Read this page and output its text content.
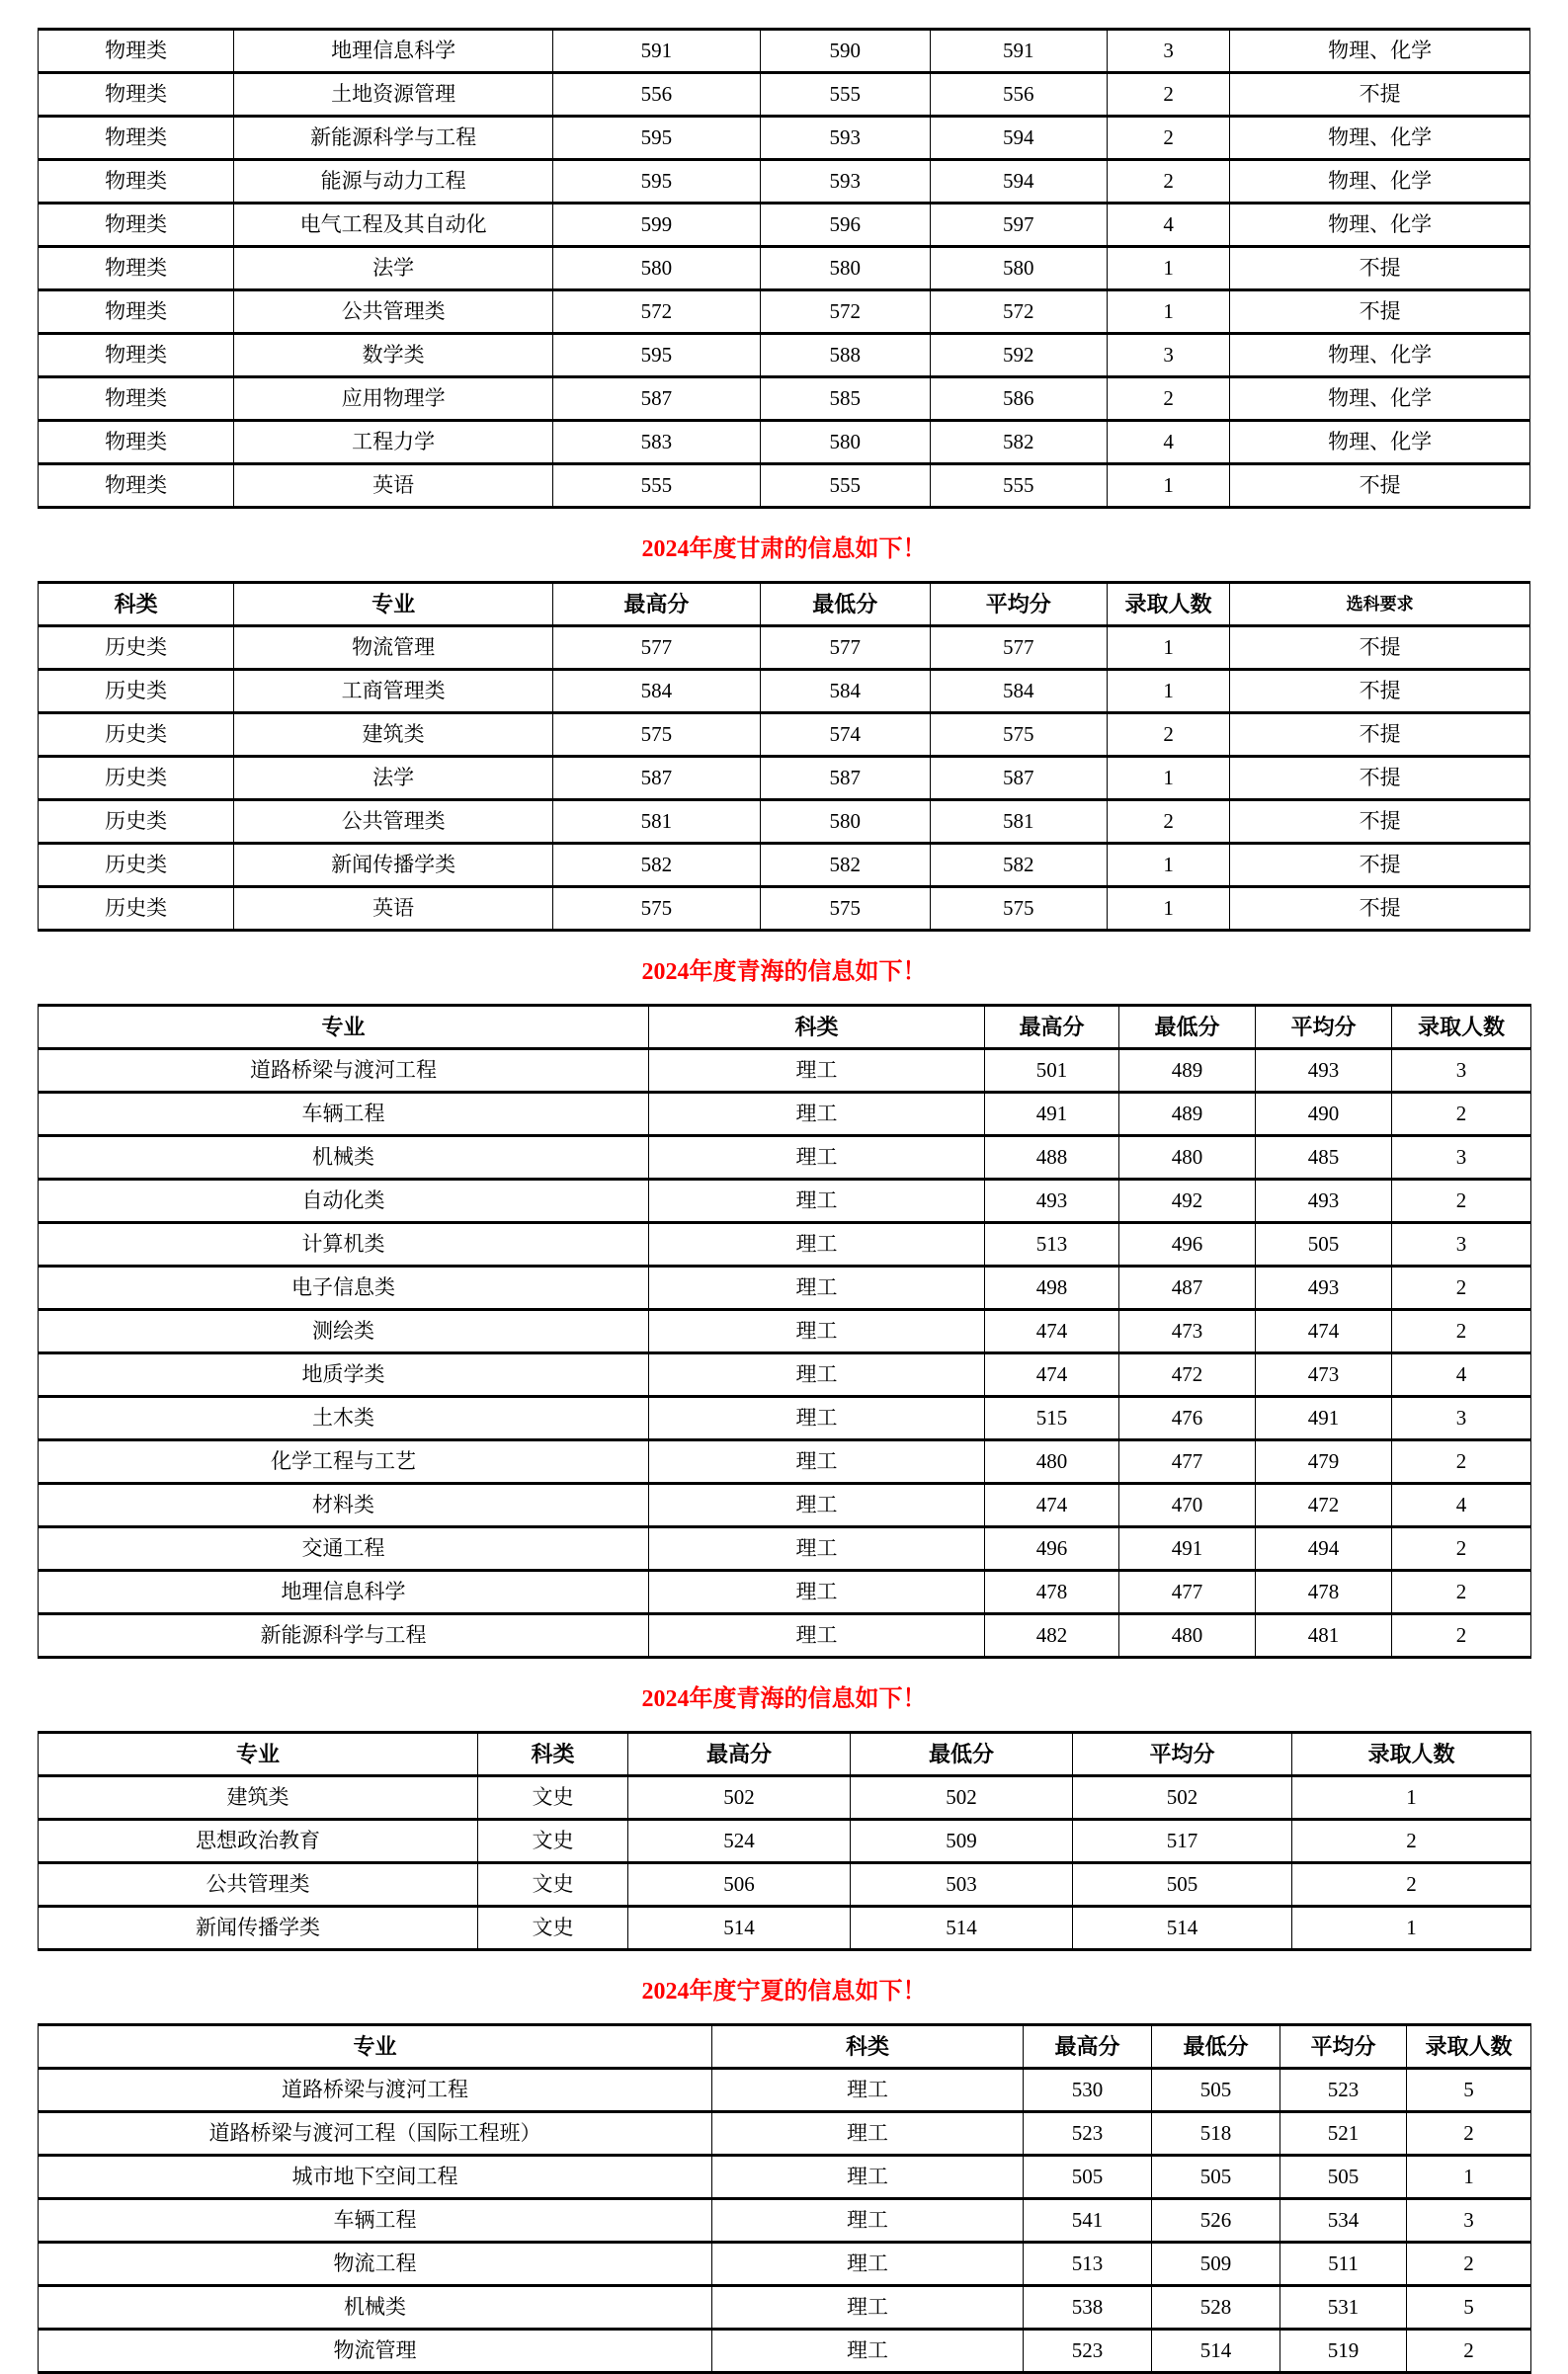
物理类	地理信息科学	591	590	591	3	物理、化学
物理类	土地资源管理	556	555	556	2	不提
物理类	新能源科学与工程	595	593	594	2	物理、化学
物理类	能源与动力工程	595	593	594	2	物理、化学
物理类	电气工程及其自动化	599	596	597	4	物理、化学
物理类	法学	580	580	580	1	不提
物理类	公共管理类	572	572	572	1	不提
物理类	数学类	595	588	592	3	物理、化学
物理类	应用物理学	587	585	586	2	物理、化学
物理类	工程力学	583	580	582	4	物理、化学
物理类	英语	555	555	555	1	不提
2024年度甘肃的信息如下！
科类	专业	最高分	最低分	平均分	录取人数	选科要求
历史类	物流管理	577	577	577	1	不提
历史类	工商管理类	584	584	584	1	不提
历史类	建筑类	575	574	575	2	不提
历史类	法学	587	587	587	1	不提
历史类	公共管理类	581	580	581	2	不提
历史类	新闻传播学类	582	582	582	1	不提
历史类	英语	575	575	575	1	不提
2024年度青海的信息如下！
专业	科类	最高分	最低分	平均分	录取人数
道路桥梁与渡河工程	理工	501	489	493	3
车辆工程	理工	491	489	490	2
机械类	理工	488	480	485	3
自动化类	理工	493	492	493	2
计算机类	理工	513	496	505	3
电子信息类	理工	498	487	493	2
测绘类	理工	474	473	474	2
地质学类	理工	474	472	473	4
土木类	理工	515	476	491	3
化学工程与工艺	理工	480	477	479	2
材料类	理工	474	470	472	4
交通工程	理工	496	491	494	2
地理信息科学	理工	478	477	478	2
新能源科学与工程	理工	482	480	481	2
2024年度青海的信息如下！
专业	科类	最高分	最低分	平均分	录取人数
建筑类	文史	502	502	502	1
思想政治教育	文史	524	509	517	2
公共管理类	文史	506	503	505	2
新闻传播学类	文史	514	514	514	1
2024年度宁夏的信息如下！
专业	科类	最高分	最低分	平均分	录取人数
道路桥梁与渡河工程	理工	530	505	523	5
道路桥梁与渡河工程（国际工程班）	理工	523	518	521	2
城市地下空间工程	理工	505	505	505	1
车辆工程	理工	541	526	534	3
物流工程	理工	513	509	511	2
机械类	理工	538	528	531	5
物流管理	理工	523	514	519	2
